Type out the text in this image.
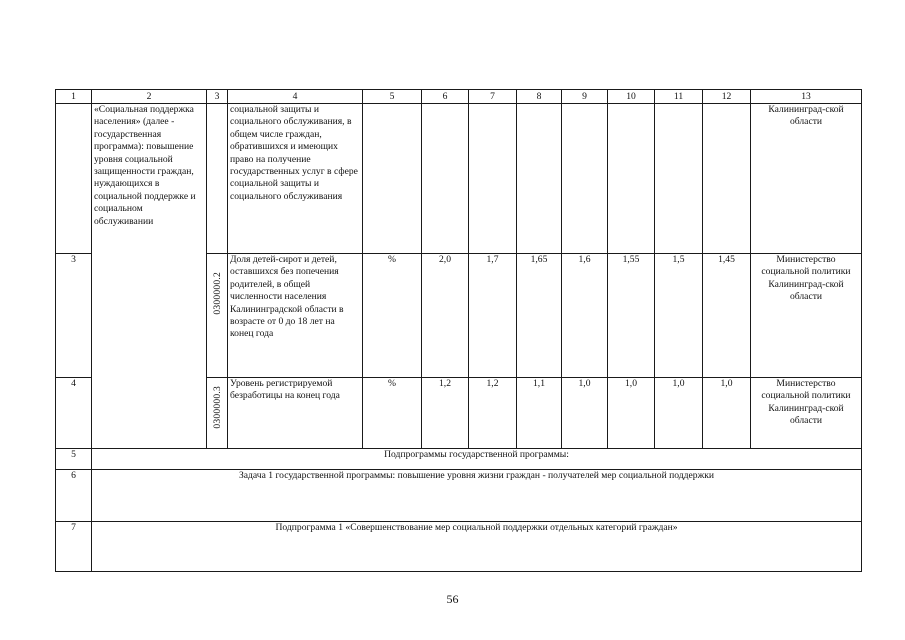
1	2	3	4	5	6	7	8	9	10	11	12	13
	«Социальная поддержка населения» (далее - государственная программа): повышение уровня социальной защищенности граждан, нуждающихся в социальной поддержке и социальном обслуживании		социальной защиты и социального обслуживания, в общем числе граждан, обратившихся и имеющих право на получение государственных услуг в сфере социальной защиты и социального обслуживания									Калининград-ской области
3		0300000.2	Доля детей-сирот и детей, оставшихся без попечения родителей, в общей численности населения Калининградской области в возрасте от 0 до 18 лет на конец года	%	2,0	1,7	1,65	1,6	1,55	1,5	1,45	Министерство социальной политики Калининград-ской области
4		0300000.3	Уровень регистрируемой безработицы на конец года	%	1,2	1,2	1,1	1,0	1,0	1,0	1,0	Министерство социальной политики Калининград-ской области
5	Подпрограммы государственной программы:											
6	Задача 1 государственной программы: повышение уровня жизни граждан - получателей мер социальной поддержки											
7	Подпрограмма 1 «Совершенствование мер социальной поддержки отдельных категорий граждан»											
56
